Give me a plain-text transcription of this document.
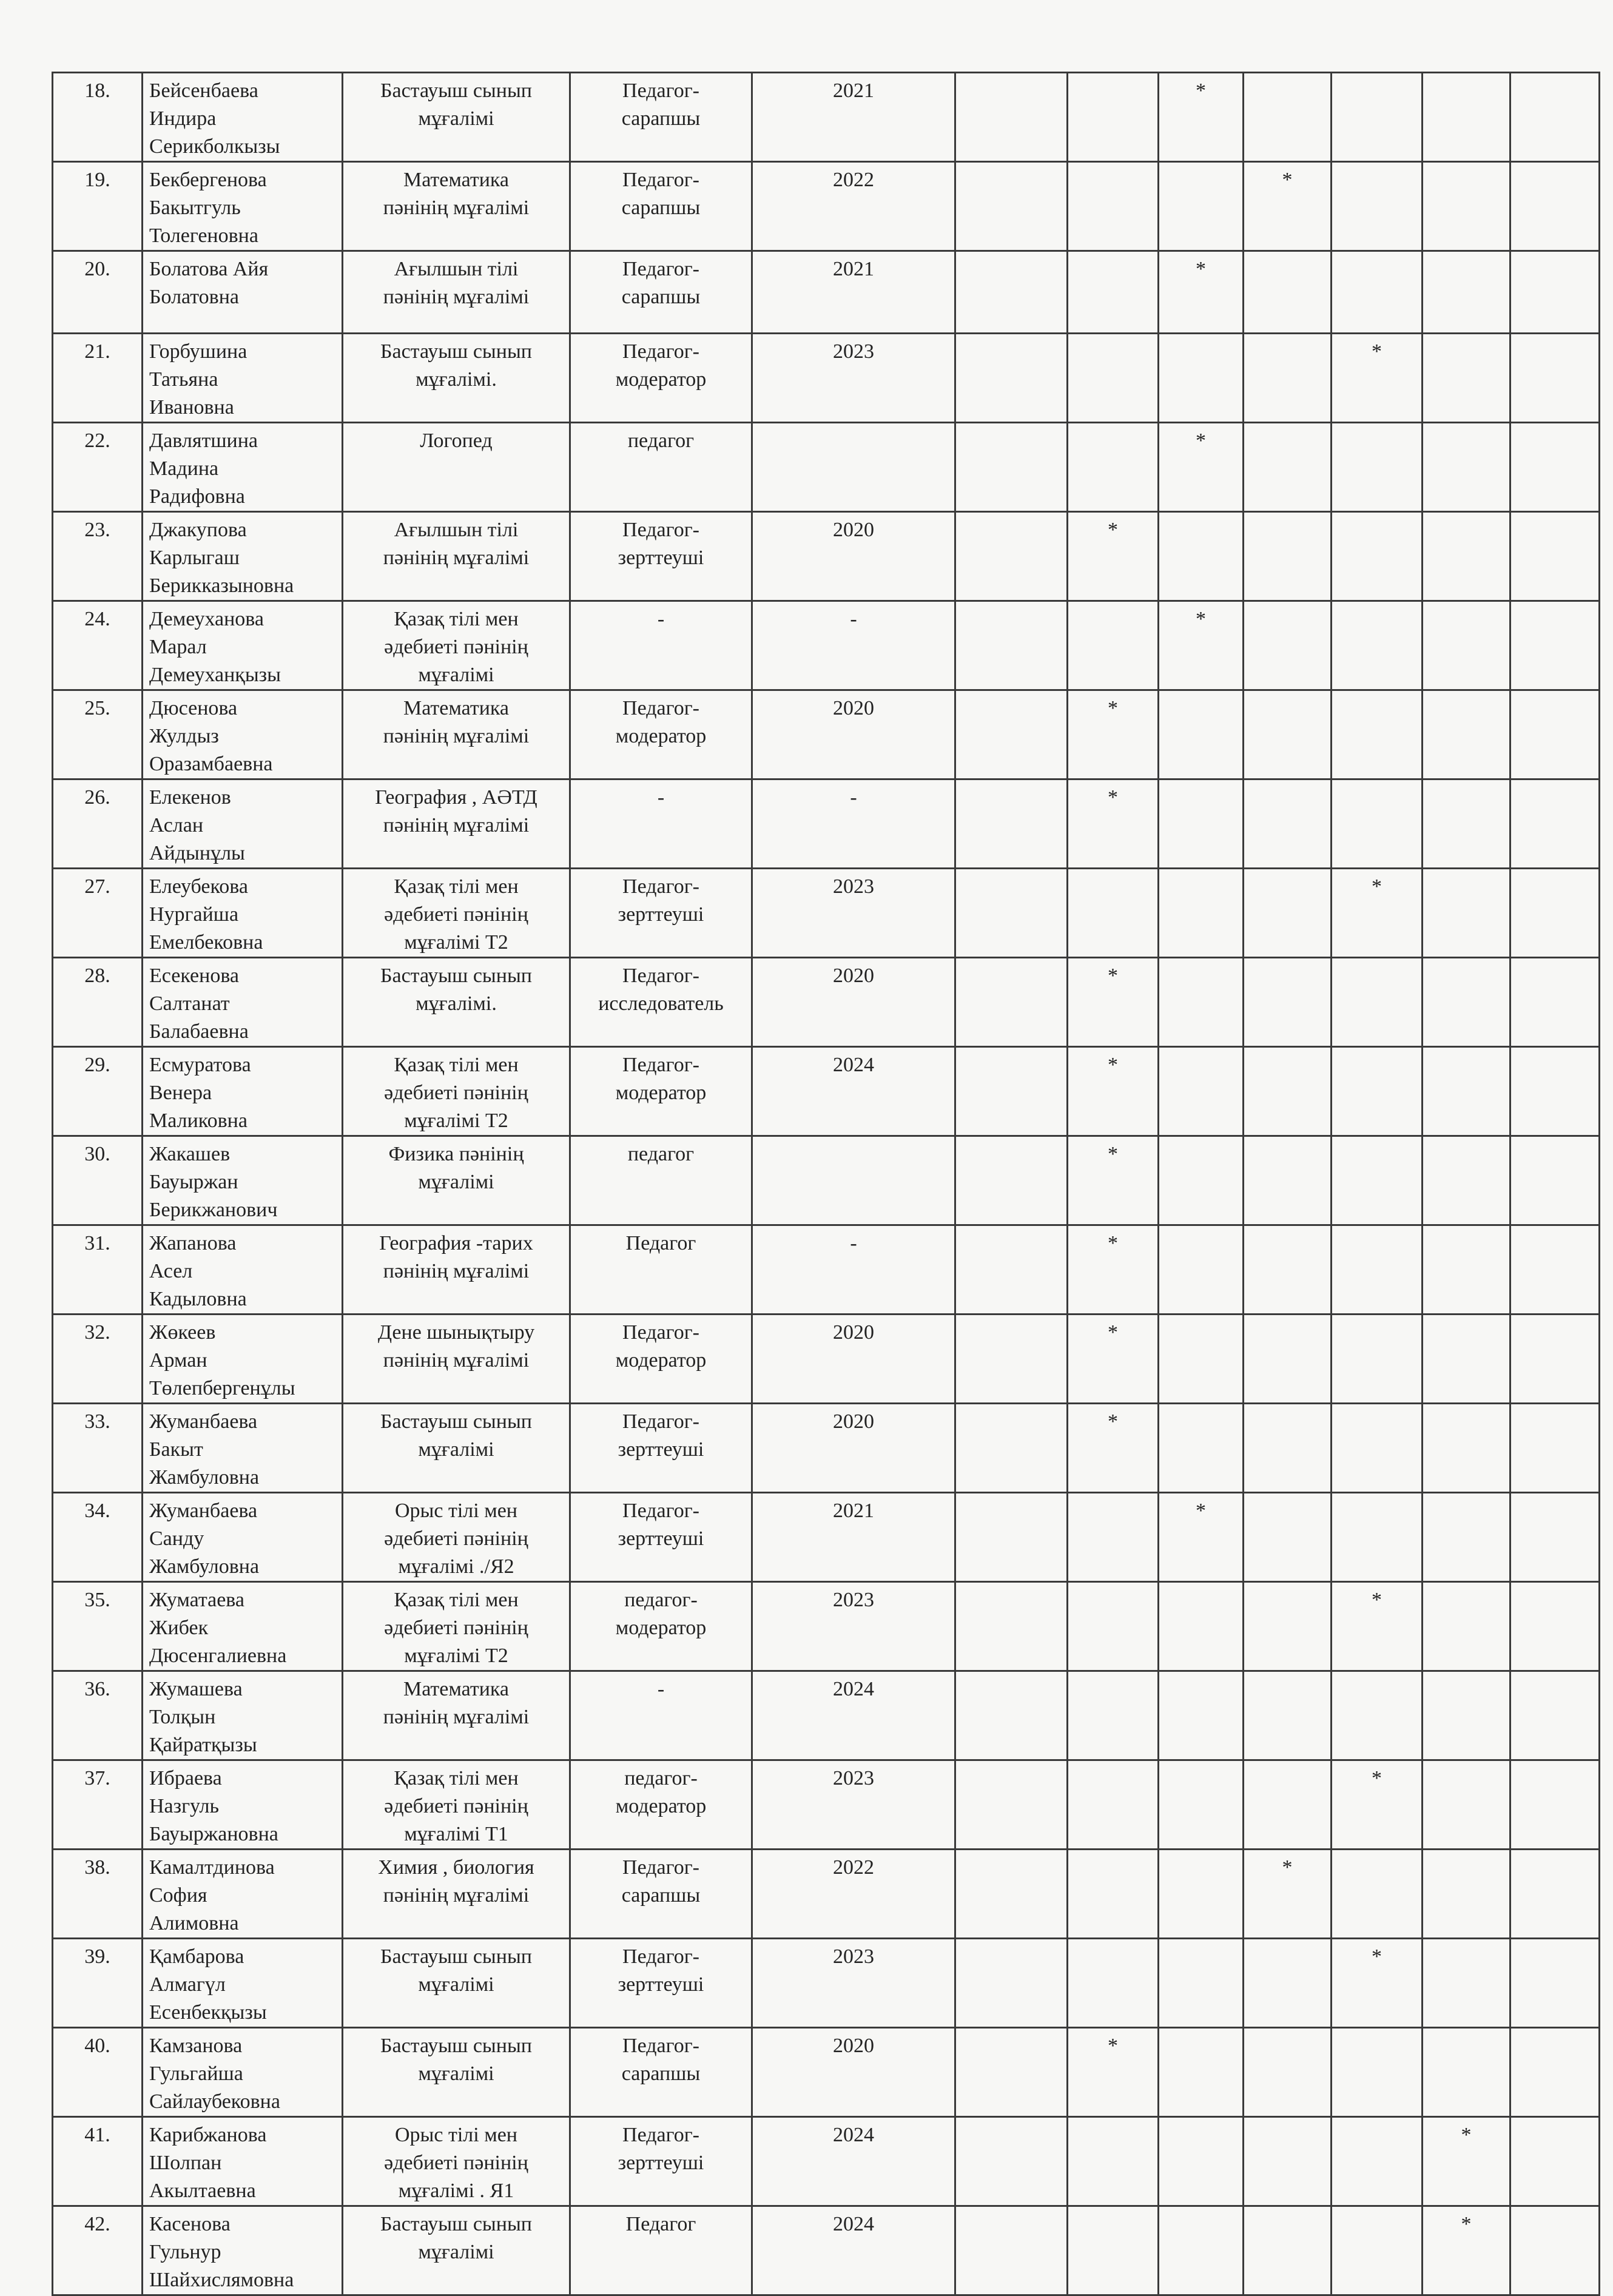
18.	Бейсенбаева
Индира
Серикболкызы	Бастауыш сынып
мұғалімі	Педагог-
сарапшы	2021			*				
19.	Бекбергенова
Бакытгуль
Толегеновна	Математика
пәнінің мұғалімі	Педагог-
сарапшы	2022				*			
20.	Болатова Айя
Болатовна	Ағылшын тілі
пәнінің мұғалімі	Педагог-
сарапшы	2021			*				
21.	Горбушина
Татьяна
Ивановна	Бастауыш сынып
мұғалімі.	Педагог-
модератор	2023					*		
22.	Давлятшина
Мадина
Радифовна	Логопед	педагог				*				
23.	Джакупова
Карлыгаш
Берикказыновна	Ағылшын тілі
пәнінің мұғалімі	Педагог-
зерттеуші	2020		*					
24.	Демеуханова
Марал
Демеуханқызы	Қазақ тілі мен
әдебиеті пәнінің
мұғалімі	-	-			*				
25.	Дюсенова
Жулдыз
Оразамбаевна	Математика
пәнінің мұғалімі	Педагог-
модератор	2020		*					
26.	Елекенов
Аслан
Айдынұлы	География , АӘТД
пәнінің мұғалімі	-	-		*					
27.	Елеубекова
Нургайша
Емелбековна	Қазақ тілі мен
әдебиеті пәнінің
мұғалімі Т2	Педагог-
зерттеуші	2023					*		
28.	Есекенова
Салтанат
Балабаевна	Бастауыш сынып
мұғалімі.	Педагог-
исследователь	2020		*					
29.	Есмуратова
Венера
Маликовна	Қазақ тілі мен
әдебиеті пәнінің
мұғалімі Т2	Педагог-
модератор	2024		*					
30.	Жакашев
Бауыржан
Берикжанович	Физика пәнінің
мұғалімі	педагог			*					
31.	Жапанова
Асел
Кадыловна	География -тарих
пәнінің мұғалімі	Педагог	-		*					
32.	Жөкеев
Арман
Төлепбергенұлы	Дене шынықтыру
пәнінің мұғалімі	Педагог-
модератор	2020		*					
33.	Жуманбаева
Бакыт
Жамбуловна	Бастауыш сынып
мұғалімі	Педагог-
зерттеуші	2020		*					
34.	Жуманбаева
Санду
Жамбуловна	Орыс тілі мен
әдебиеті пәнінің
мұғалімі ./Я2	Педагог-
зерттеуші	2021			*				
35.	Жуматаева
Жибек
Дюсенгалиевна	Қазақ тілі мен
әдебиеті пәнінің
мұғалімі Т2	педагог-
модератор	2023					*		
36.	Жумашева
Толқын
Қайратқызы	Математика
пәнінің мұғалімі	-	2024							
37.	Ибраева
Назгуль
Бауыржановна	Қазақ тілі мен
әдебиеті пәнінің
мұғалімі Т1	педагог-
модератор	2023					*		
38.	Камалтдинова
София
Алимовна	Химия , биология
пәнінің мұғалімі	Педагог-
сарапшы	2022				*			
39.	Қамбарова
Алмагүл
Есенбекқызы	Бастауыш сынып
мұғалімі	Педагог-
зерттеуші	2023					*		
40.	Камзанова
Гульгайша
Сайлаубековна	Бастауыш сынып
мұғалімі	Педагог-
сарапшы	2020		*					
41.	Карибжанова
Шолпан
Акылтаевна	Орыс тілі мен
әдебиеті пәнінің
мұғалімі . Я1	Педагог-
зерттеуші	2024						*	
42.	Касенова
Гульнур
Шайхислямовна	Бастауыш сынып
мұғалімі	Педагог	2024						*	
